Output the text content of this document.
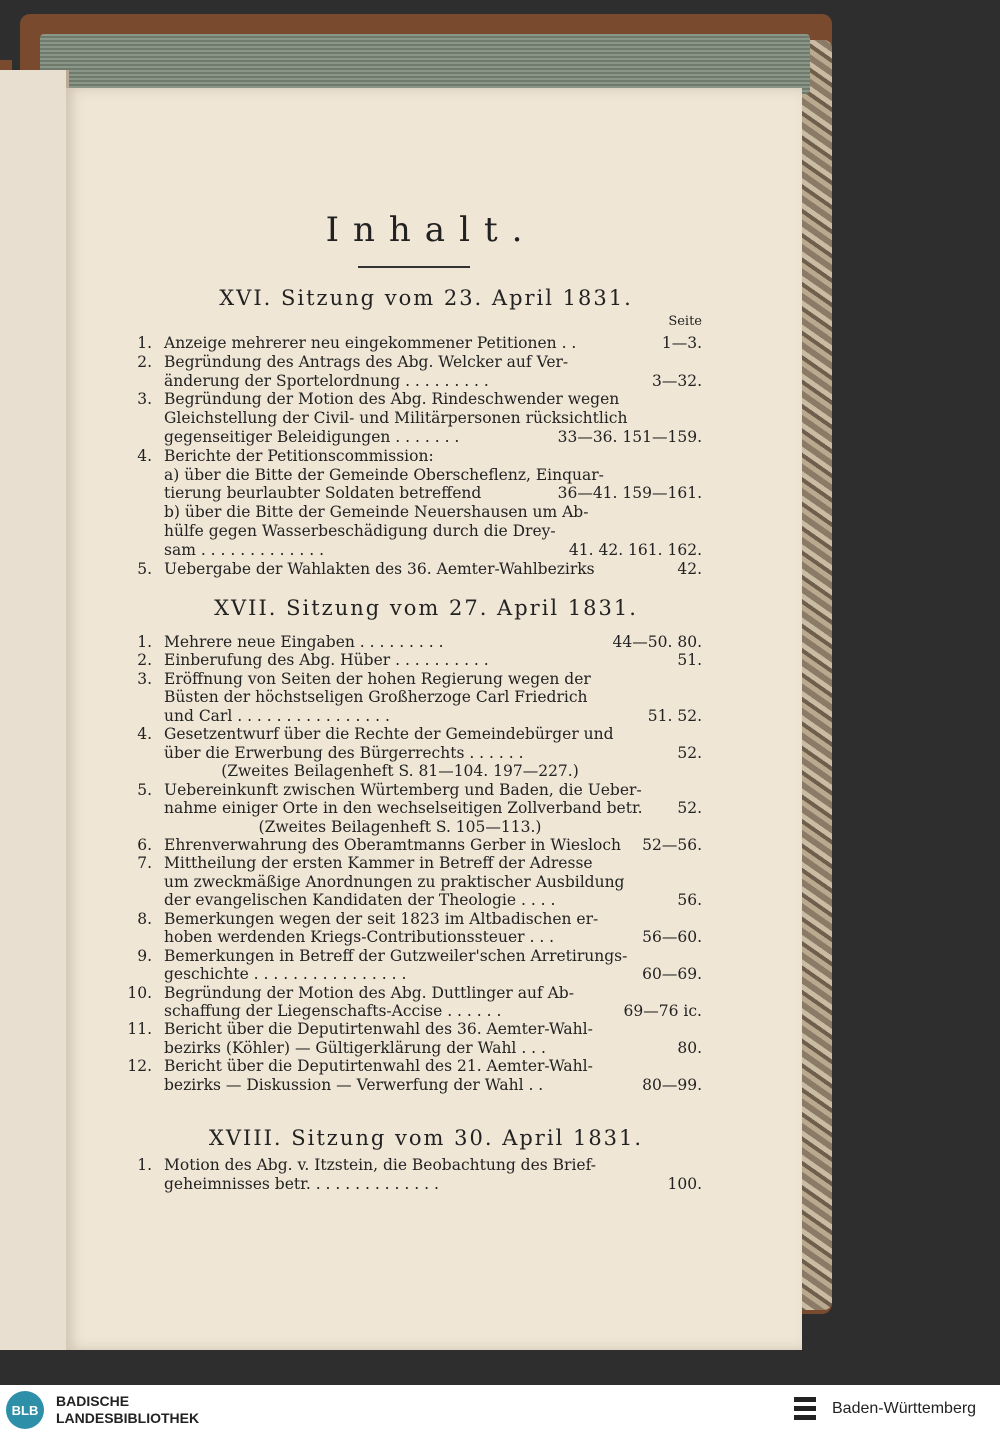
Inhalt.
Seite
XVI. Sitzung vom 23. April 1831.
1. Anzeige mehrerer neu eingekommener Petitionen . .	1—3.
2. Begründung des Antrags des Abg. Welcker auf Ver-
änderung der Sportelordnung . . . . . . . . .	3—32.
3. Begründung der Motion des Abg. Rindeschwender wegen
Gleichstellung der Civil- und Militärpersonen rücksichtlich
gegenseitiger Beleidigungen . . . . . . .	33—36. 151—159.
4. Berichte der Petitionscommission:
a) über die Bitte der Gemeinde Oberscheflenz, Einquar-
tierung beurlaubter Soldaten betreffend	36—41. 159—161.
b) über die Bitte der Gemeinde Neuershausen um Ab-
hülfe gegen Wasserbeschädigung durch die Drey-
sam . . . . . . . . . . . . .	41. 42. 161. 162.
5. Uebergabe der Wahlakten des 36. Aemter-Wahlbezirks	42.
XVII. Sitzung vom 27. April 1831.
1. Mehrere neue Eingaben . . . . . . . . .	44—50. 80.
2. Einberufung des Abg. Hüber . . . . . . . . . .	51.
3. Eröffnung von Seiten der hohen Regierung wegen der
Büsten der höchstseligen Großherzoge Carl Friedrich
und Carl . . . . . . . . . . . . . . . .	51. 52.
4. Gesetzentwurf über die Rechte der Gemeindebürger und
über die Erwerbung des Bürgerrechts . . . . . .	52.
(Zweites Beilagenheft S. 81—104. 197—227.)
5. Uebereinkunft zwischen Würtemberg und Baden, die Ueber-
nahme einiger Orte in den wechselseitigen Zollverband betr.	52.
(Zweites Beilagenheft S. 105—113.)
6. Ehrenverwahrung des Oberamtmanns Gerber in Wiesloch	52—56.
7. Mittheilung der ersten Kammer in Betreff der Adresse
um zweckmäßige Anordnungen zu praktischer Ausbildung
der evangelischen Kandidaten der Theologie . . . .	56.
8. Bemerkungen wegen der seit 1823 im Altbadischen er-
hoben werdenden Kriegs-Contributionssteuer . . .	56—60.
9. Bemerkungen in Betreff der Gutzweiler'schen Arretirungs-
geschichte . . . . . . . . . . . . . . . .	60—69.
10. Begründung der Motion des Abg. Duttlinger auf Ab-
schaffung der Liegenschafts-Accise . . . . . .	69—76 ic.
11. Bericht über die Deputirtenwahl des 36. Aemter-Wahl-
bezirks (Köhler) — Gültigerklärung der Wahl . . .	80.
12. Bericht über die Deputirtenwahl des 21. Aemter-Wahl-
bezirks — Diskussion — Verwerfung der Wahl . .	80—99.
XVIII. Sitzung vom 30. April 1831.
1. Motion des Abg. v. Itzstein, die Beobachtung des Brief-
geheimnisses betr. . . . . . . . . . . . . .	100.
BLB
BADISCHE
LANDESBIBLIOTHEK
Baden-Württemberg
